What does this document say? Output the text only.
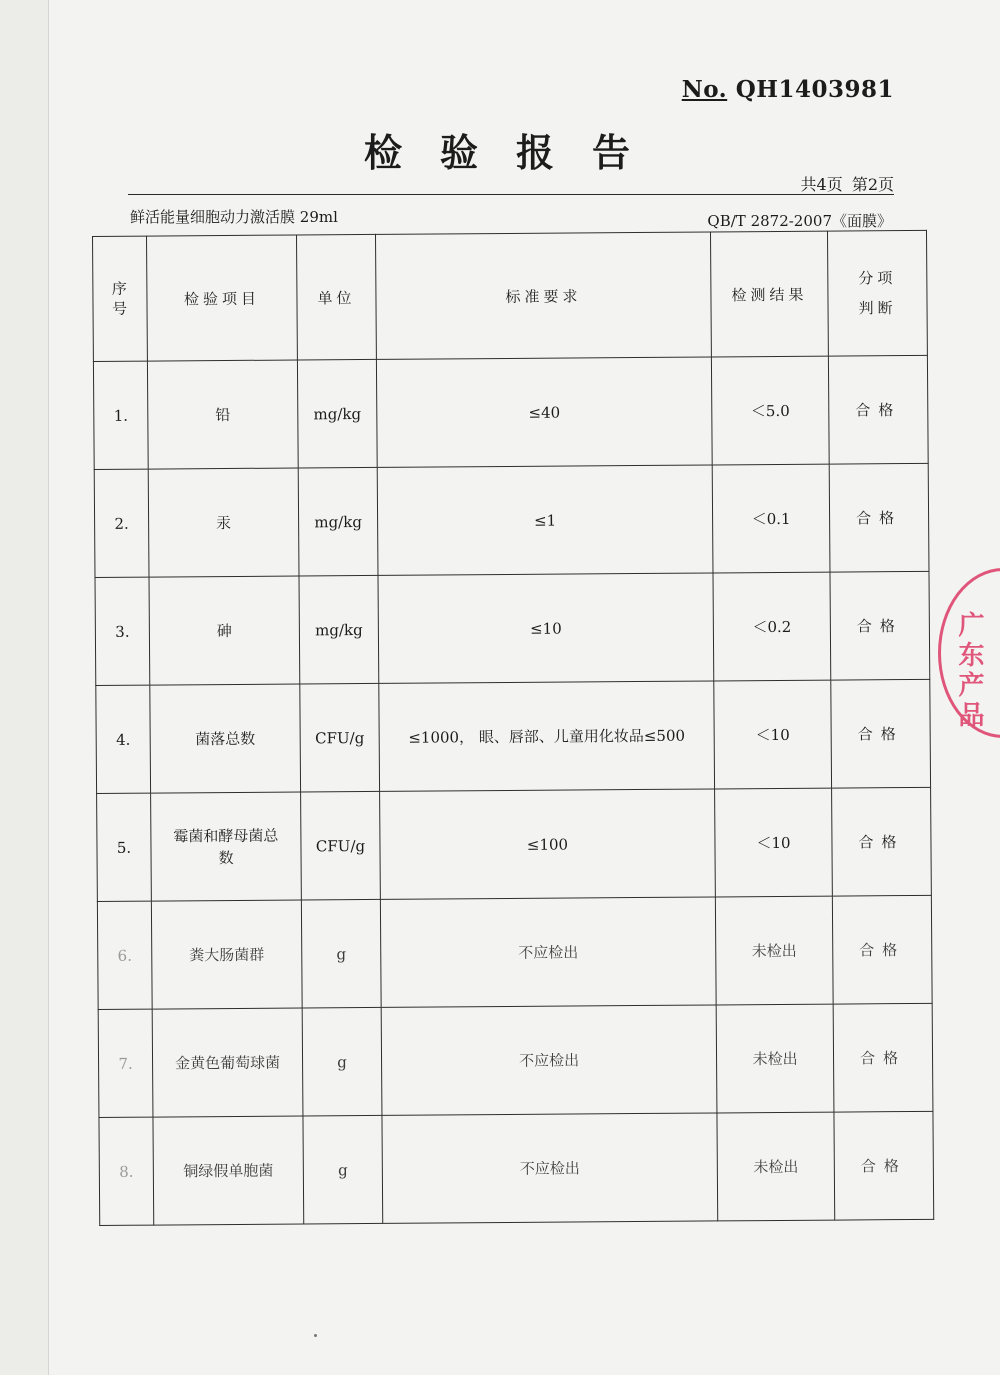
No. QH1403981
检验报告
共4页 第2页
鲜活能量细胞动力激活膜 29ml	QB/T 2872-2007《面膜》
序号	检验项目	单位	标准要求	检测结果	分项判断
1.	铅	mg/kg	≤40	＜5.0	合格
2.	汞	mg/kg	≤1	＜0.1	合格
3.	砷	mg/kg	≤10	＜0.2	合格
4.	菌落总数	CFU/g	≤1000， 眼、唇部、儿童用化妆品≤500	＜10	合格
5.	霉菌和酵母菌总数	CFU/g	≤100	＜10	合格
6.	粪大肠菌群	g	不应检出	未检出	合格
7.	金黄色葡萄球菌	g	不应检出	未检出	合格
8.	铜绿假单胞菌	g	不应检出	未检出	合格
广东产品
